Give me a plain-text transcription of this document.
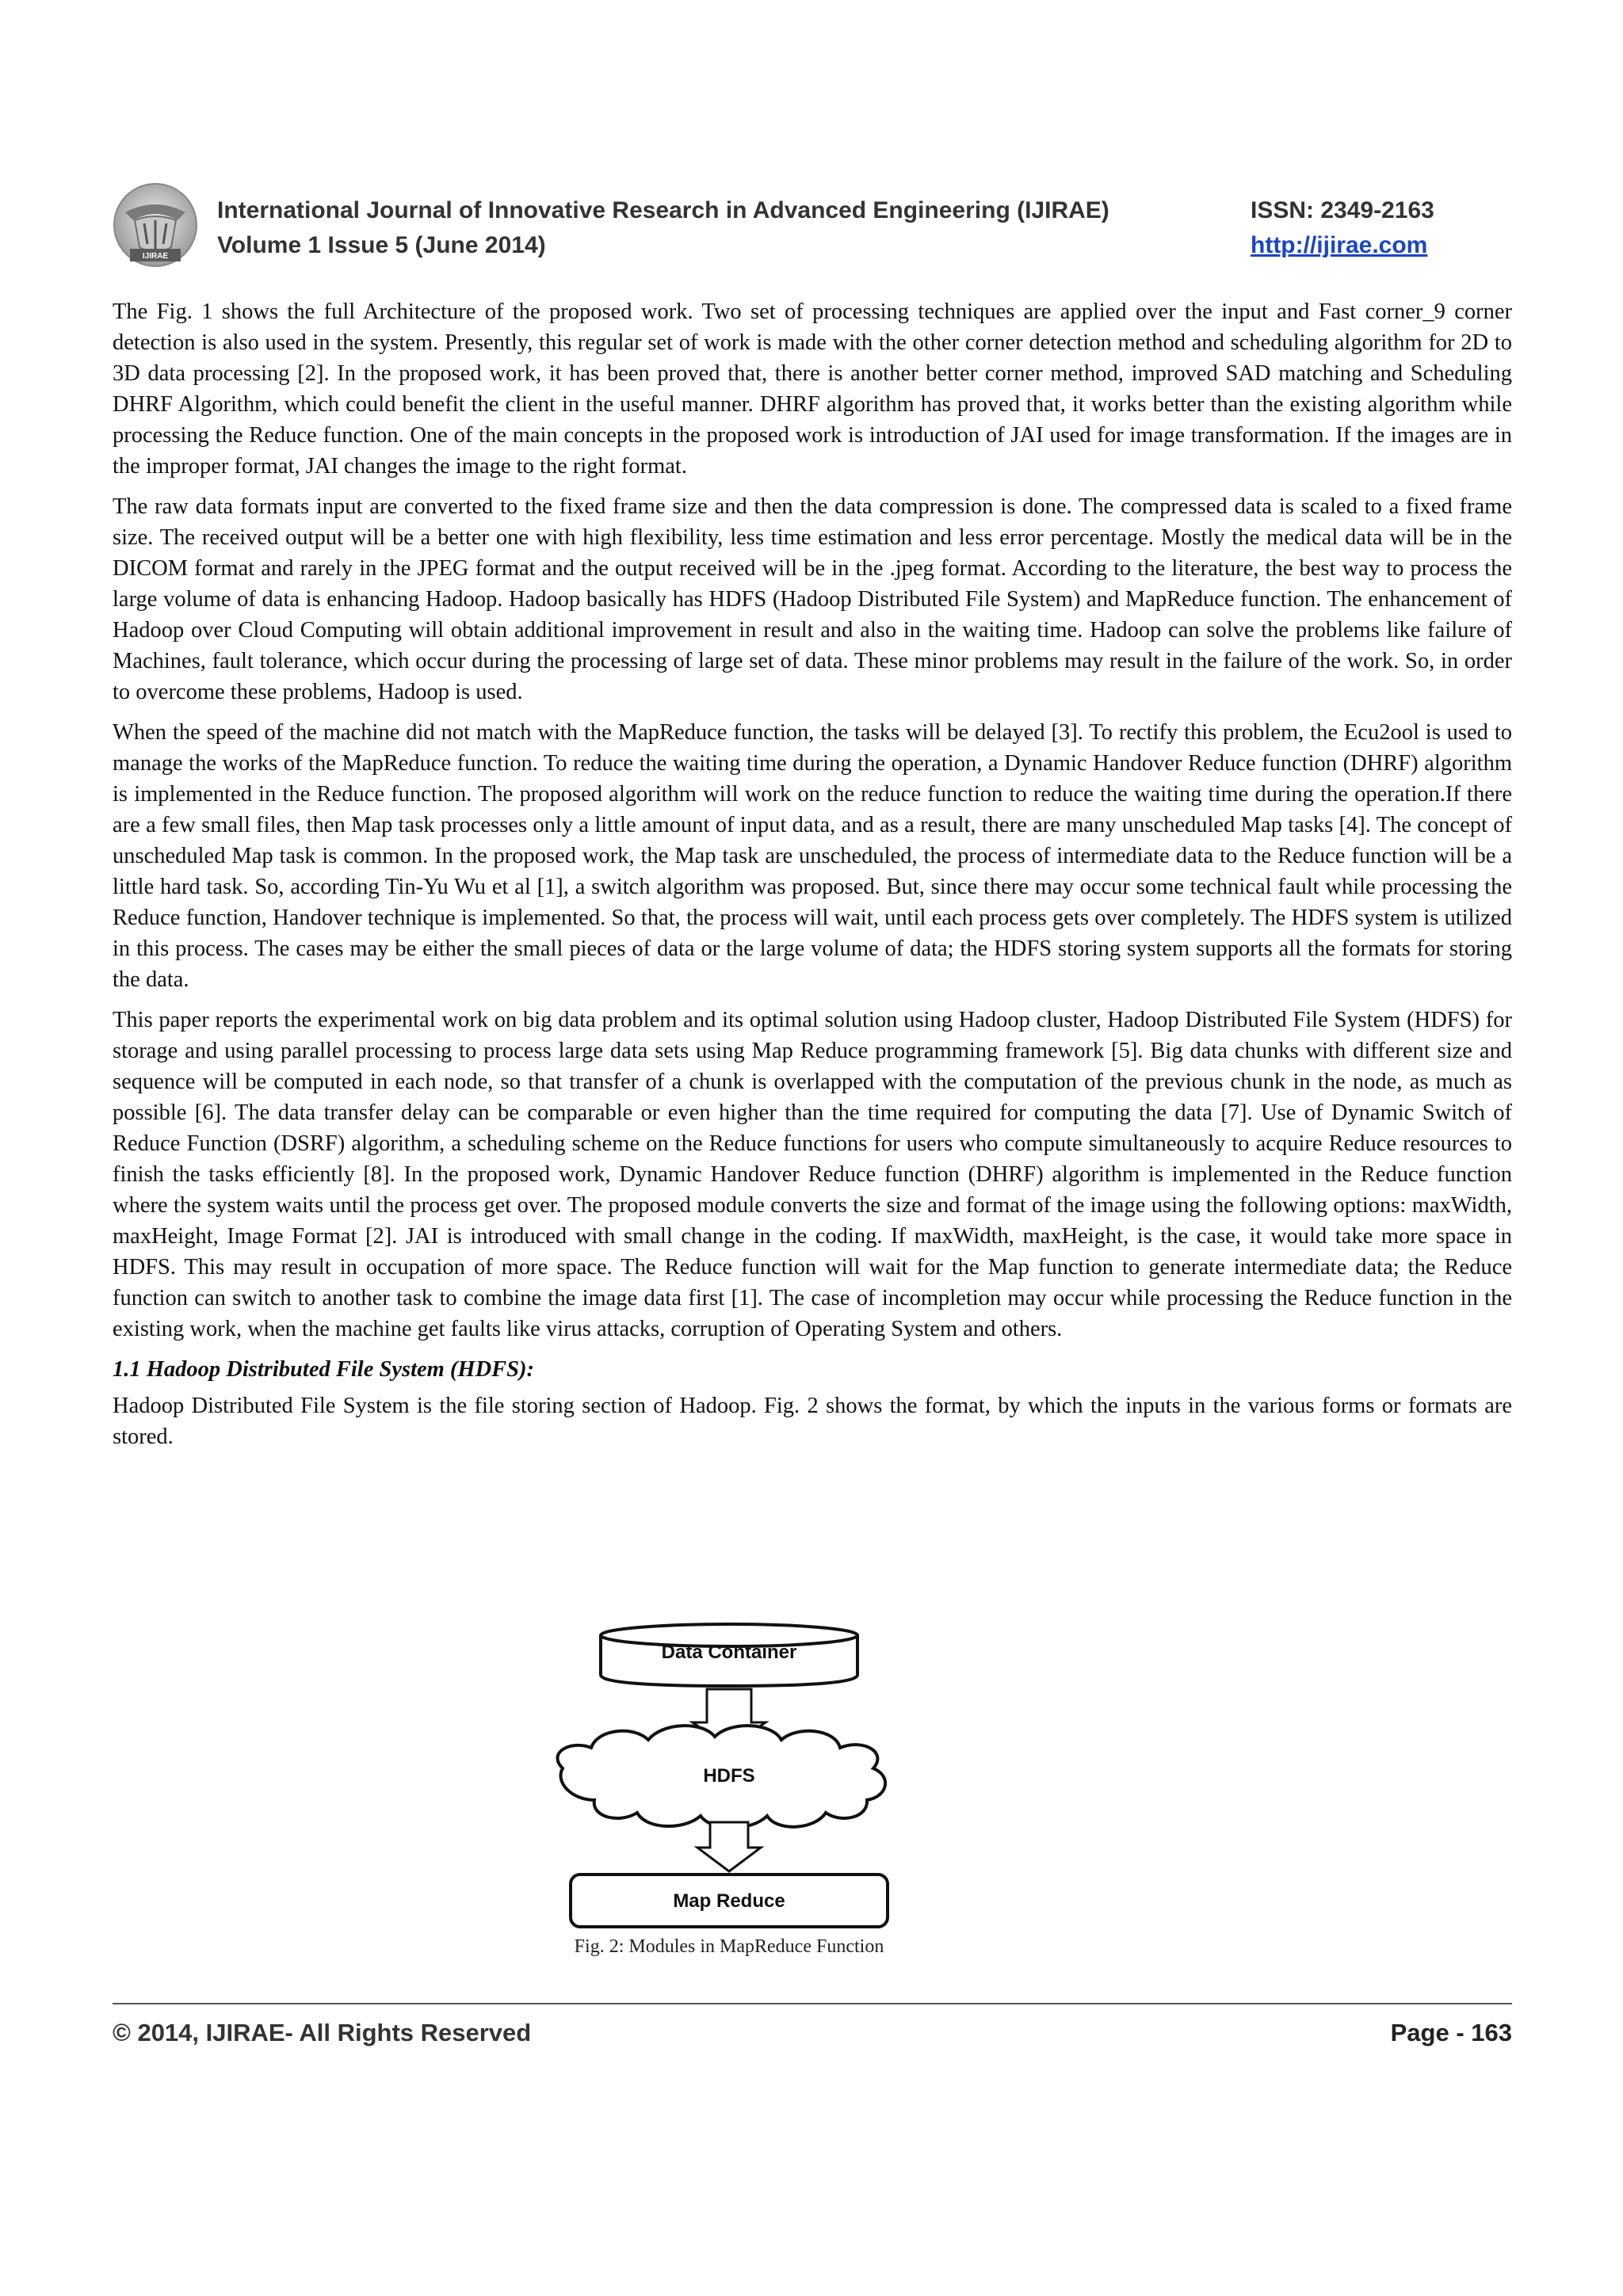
IJIRAE
International Journal of Innovative Research in Advanced Engineering (IJIRAE)
Volume 1 Issue 5 (June 2014)
ISSN: 2349-2163
http://ijirae.com

The Fig. 1 shows the full Architecture of the proposed work. Two set of processing techniques are applied over the input and Fast corner_9 corner detection is also used in the system. Presently, this regular set of work is made with the other corner detection method and scheduling algorithm for 2D to 3D data processing [2]. In the proposed work, it has been proved that, there is another better corner method, improved SAD matching and Scheduling DHRF Algorithm, which could benefit the client in the useful manner. DHRF algorithm has proved that, it works better than the existing algorithm while processing the Reduce function. One of the main concepts in the proposed work is introduction of JAI used for image transformation. If the images are in the improper format, JAI changes the image to the right format.

The raw data formats input are converted to the fixed frame size and then the data compression is done. The compressed data is scaled to a fixed frame size. The received output will be a better one with high flexibility, less time estimation and less error percentage. Mostly the medical data will be in the DICOM format and rarely in the JPEG format and the output received will be in the .jpeg format. According to the literature, the best way to process the large volume of data is enhancing Hadoop. Hadoop basically has HDFS (Hadoop Distributed File System) and MapReduce function. The enhancement of Hadoop over Cloud Computing will obtain additional improvement in result and also in the waiting time. Hadoop can solve the problems like failure of Machines, fault tolerance, which occur during the processing of large set of data. These minor problems may result in the failure of the work. So, in order to overcome these problems, Hadoop is used.

When the speed of the machine did not match with the MapReduce function, the tasks will be delayed [3]. To rectify this problem, the Ecu2ool is used to manage the works of the MapReduce function. To reduce the waiting time during the operation, a Dynamic Handover Reduce function (DHRF) algorithm is implemented in the Reduce function. The proposed algorithm will work on the reduce function to reduce the waiting time during the operation.If there are a few small files, then Map task processes only a little amount of input data, and as a result, there are many unscheduled Map tasks [4]. The concept of unscheduled Map task is common. In the proposed work, the Map task are unscheduled, the process of intermediate data to the Reduce function will be a little hard task. So, according Tin-Yu Wu et al [1], a switch algorithm was proposed. But, since there may occur some technical fault while processing the Reduce function, Handover technique is implemented. So that, the process will wait, until each process gets over completely. The HDFS system is utilized in this process. The cases may be either the small pieces of data or the large volume of data; the HDFS storing system supports all the formats for storing the data.

This paper reports the experimental work on big data problem and its optimal solution using Hadoop cluster, Hadoop Distributed File System (HDFS) for storage and using parallel processing to process large data sets using Map Reduce programming framework [5]. Big data chunks with different size and sequence will be computed in each node, so that transfer of a chunk is overlapped with the computation of the previous chunk in the node, as much as possible [6]. The data transfer delay can be comparable or even higher than the time required for computing the data [7]. Use of Dynamic Switch of Reduce Function (DSRF) algorithm, a scheduling scheme on the Reduce functions for users who compute simultaneously to acquire Reduce resources to finish the tasks efficiently [8]. In the proposed work, Dynamic Handover Reduce function (DHRF) algorithm is implemented in the Reduce function where the system waits until the process get over. The proposed module converts the size and format of the image using the following options: maxWidth, maxHeight, Image Format [2]. JAI is introduced with small change in the coding. If maxWidth, maxHeight, is the case, it would take more space in HDFS. This may result in occupation of more space. The Reduce function will wait for the Map function to generate intermediate data; the Reduce function can switch to another task to combine the image data first [1]. The case of incompletion may occur while processing the Reduce function in the existing work, when the machine get faults like virus attacks, corruption of Operating System and others.

1.1 Hadoop Distributed File System (HDFS):

Hadoop Distributed File System is the file storing section of Hadoop. Fig. 2 shows the format, by which the inputs in the various forms or formats are stored.

Data Container
HDFS
Map Reduce
Fig. 2: Modules in MapReduce Function
© 2014, IJIRAE- All Rights Reserved	Page - 163
